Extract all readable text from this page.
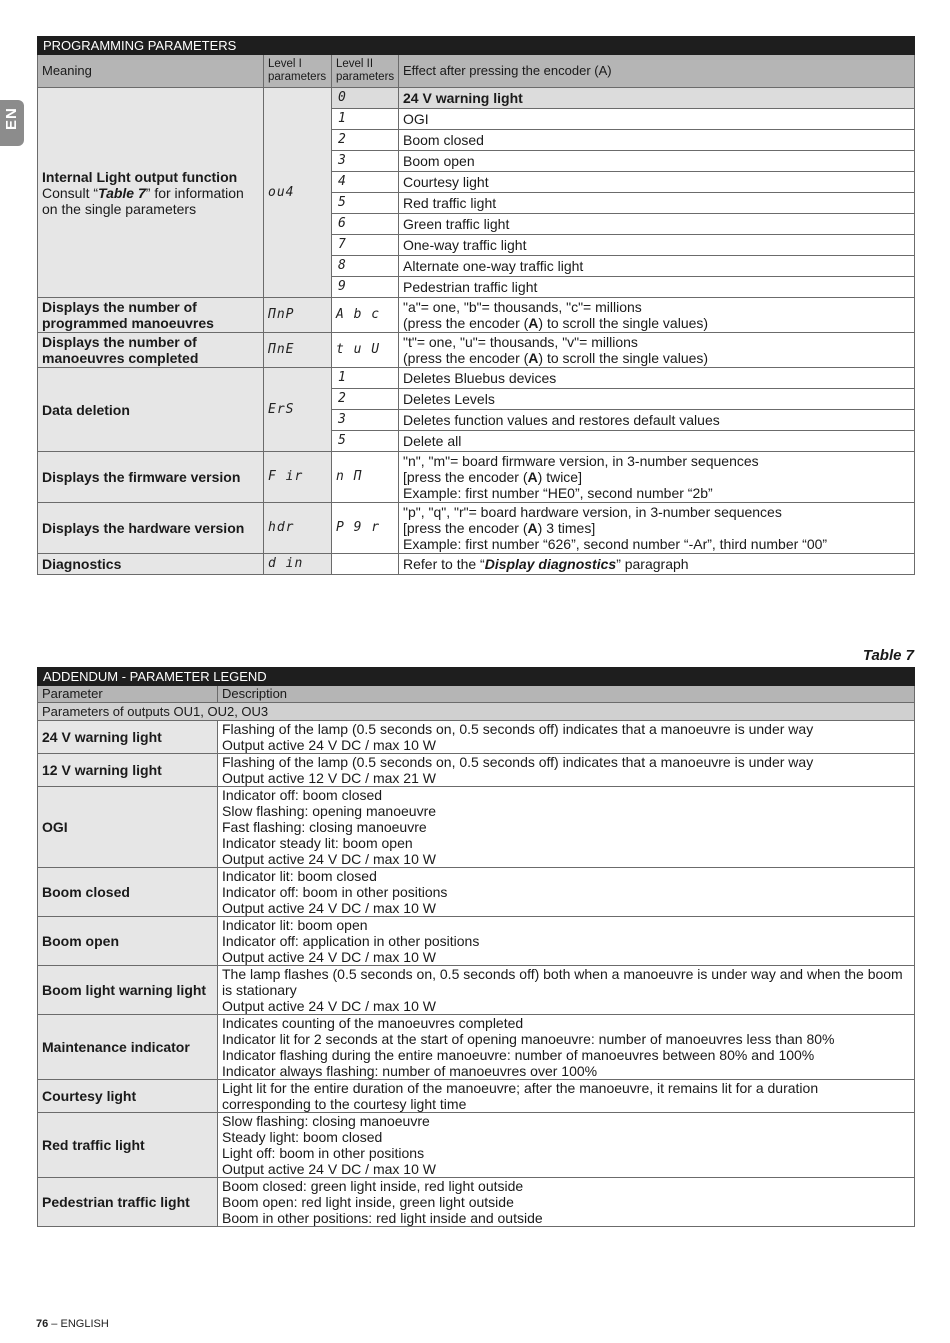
EN
PROGRAMMING PARAMETERS			
Meaning	Level I parameters	Level II parameters	Effect after pressing the encoder (A)
Internal Light output function
Consult “Table 7” for information on the single parameters	ou4	0	24 V warning light
		1	OGI
		2	Boom closed
		3	Boom open
		4	Courtesy light
		5	Red traffic light
		6	Green traffic light
		7	One-way traffic light
		8	Alternate one-way traffic light
		9	Pedestrian traffic light
Displays the number of programmed manoeuvres	ΠnP	A b c	"a"= one, "b"= thousands, "c"= millions
(press the encoder (A) to scroll the single values)
Displays the number of manoeuvres completed	ΠnE	t u U	"t"= one, "u"= thousands, "v"= millions
(press the encoder (A) to scroll the single values)
Data deletion	ErS	1	Deletes Bluebus devices
		2	Deletes Levels
		3	Deletes function values and restores default values
		5	Delete all
Displays the firmware version	F ir	n Π	"n", "m"= board firmware version, in 3-number sequences
[press the encoder (A) twice]
Example: first number “HE0”, second number “2b”
Displays the hardware version	hdr	P 9 r	"p", "q", "r"= board hardware version, in 3-number sequences
[press the encoder (A) 3 times]
Example: first number “626”, second number “-Ar”, third number “00”
Diagnostics	d in		Refer to the “Display diagnostics” paragraph
Table 7
ADDENDUM - PARAMETER LEGEND	
Parameter	Description
Parameters of outputs OU1, OU2, OU3	
24 V warning light	Flashing of the lamp (0.5 seconds on, 0.5 seconds off) indicates that a manoeuvre is under way
Output active 24 V DC / max 10 W

12 V warning light	Flashing of the lamp (0.5 seconds on, 0.5 seconds off) indicates that a manoeuvre is under way
Output active 12 V DC / max 21 W

OGI	Indicator off: boom closed
Slow flashing: opening manoeuvre
Fast flashing: closing manoeuvre
Indicator steady lit: boom open
Output active 24 V DC / max 10 W

Boom closed	Indicator lit: boom closed
Indicator off: boom in other positions
Output active 24 V DC / max 10 W

Boom open	Indicator lit: boom open
Indicator off: application in other positions
Output active 24 V DC / max 10 W

Boom light warning light	The lamp flashes (0.5 seconds on, 0.5 seconds off) both when a manoeuvre is under way and when the boom is stationary
Output active 24 V DC / max 10 W

Maintenance indicator	Indicates counting of the manoeuvres completed
Indicator lit for 2 seconds at the start of opening manoeuvre: number of manoeuvres less than 80%
Indicator flashing during the entire manoeuvre: number of manoeuvres between 80% and 100%
Indicator always flashing: number of manoeuvres over 100%

Courtesy light	Light lit for the entire duration of the manoeuvre; after the manoeuvre, it remains lit for a duration corresponding to the courtesy light time

Red traffic light	Slow flashing: closing manoeuvre
Steady light: boom closed
Light off: boom in other positions
Output active 24 V DC / max 10 W

Pedestrian traffic light	Boom closed: green light inside, red light outside
Boom open: red light inside, green light outside
Boom in other positions: red light inside and outside
76 – ENGLISH
